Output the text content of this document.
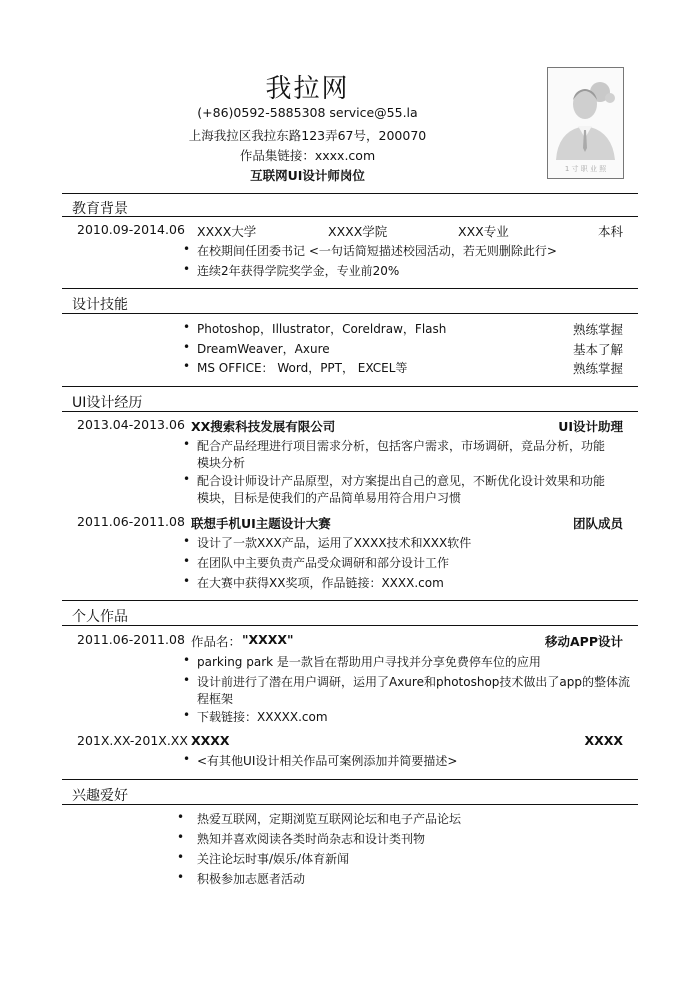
我拉网
(+86)0592-5885308 service@55.la
上海我拉区我拉东路123弄67号，200070
作品集链接：xxxx.com
互联网UI设计师岗位	1 寸 职 业 照
教育背景
2010.09-2014.06 XXXX大学	XXXX学院	XXX专业	本科
• 在校期间任团委书记 <一句话简短描述校园活动，若无则删除此行>
• 连续2年获得学院奖学金，专业前20%
设计技能
• Photoshop，Illustrator，Coreldraw，Flash	熟练掌握
• DreamWeaver，Axure	基本了解
• MS OFFICE： Word，PPT， EXCEL等	熟练掌握
UI设计经历
2013.04-2013.06 XX搜索科技发展有限公司	UI设计助理
• 配合产品经理进行项目需求分析，包括客户需求，市场调研，竞品分析，功能
模块分析
• 配合设计师设计产品原型，对方案提出自己的意见，不断优化设计效果和功能
模块，目标是使我们的产品简单易用符合用户习惯
2011.06-2011.08 联想手机UI主题设计大赛	团队成员
• 设计了一款XXX产品，运用了XXXX技术和XXX软件
• 在团队中主要负责产品受众调研和部分设计工作
• 在大赛中获得XX奖项，作品链接：XXXX.com
个人作品
2011.06-2011.08 作品名： "XXXX"	移动APP设计
• parking park 是一款旨在帮助用户寻找并分享免费停车位的应用
• 设计前进行了潜在用户调研，运用了Axure和photoshop技术做出了app的整体流
程框架
• 下载链接：XXXXX.com
201X.XX-201X.XX XXXX	XXXX
• <有其他UI设计相关作品可案例添加并简要描述>
兴趣爱好
• 热爱互联网，定期浏览互联网论坛和电子产品论坛
• 熟知并喜欢阅读各类时尚杂志和设计类刊物
• 关注论坛时事/娱乐/体育新闻
• 积极参加志愿者活动
